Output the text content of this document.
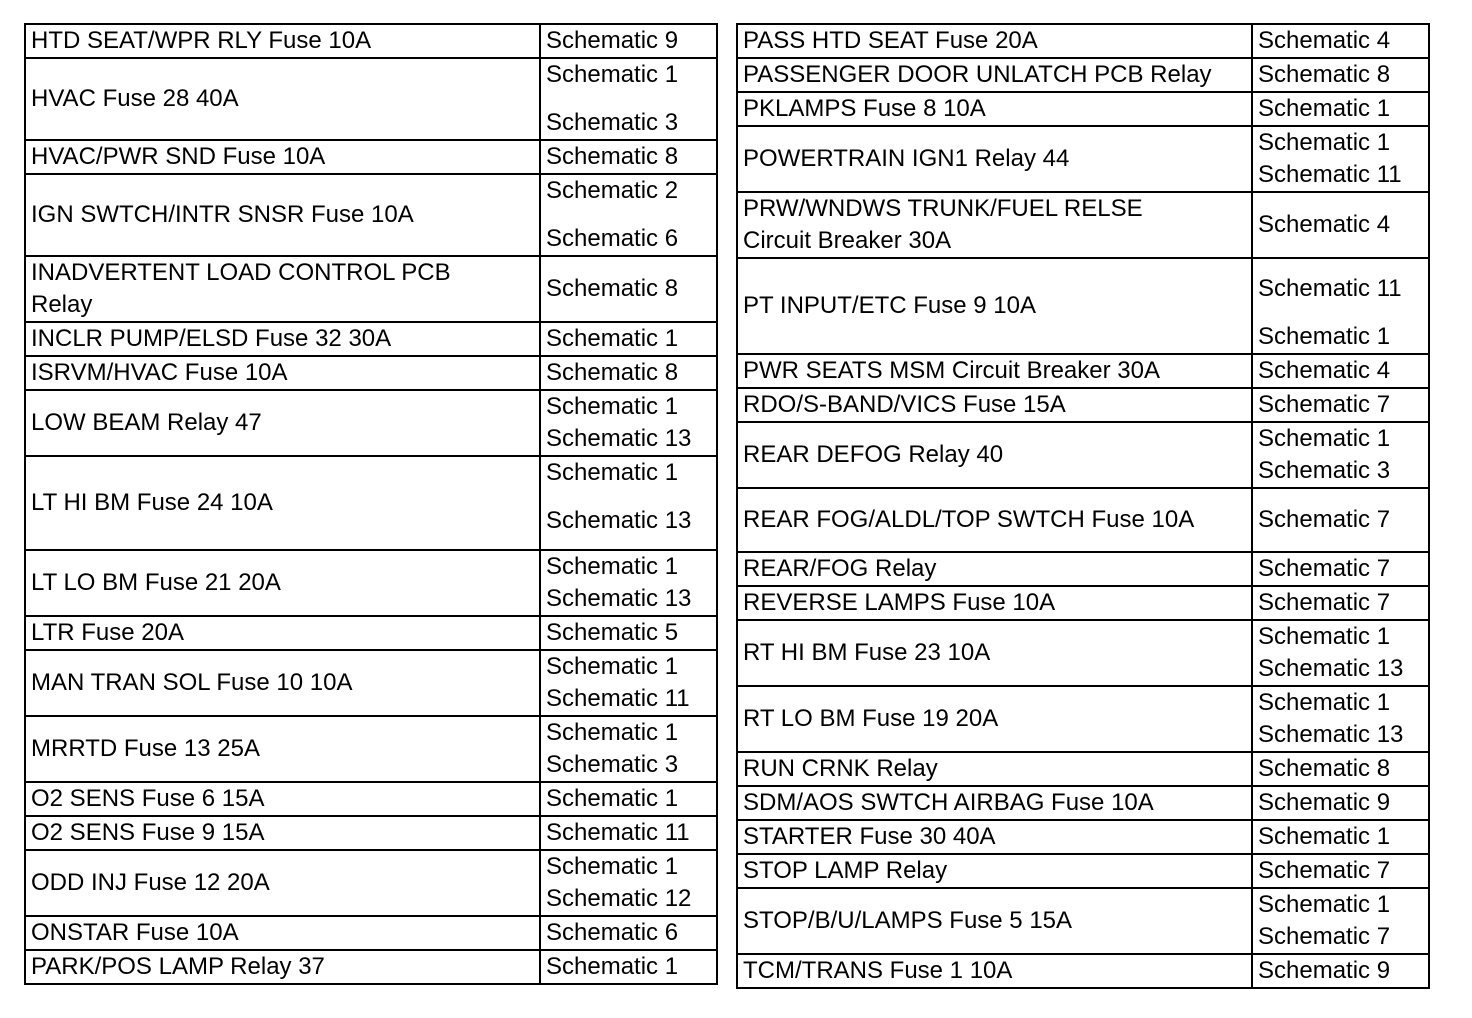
HTD SEAT/WPR RLY Fuse 10A	Schematic 9

HVAC Fuse 28 40A	Schematic 1
Schematic 3

HVAC/PWR SND Fuse 10A	Schematic 8

IGN SWTCH/INTR SNSR Fuse 10A	Schematic 2
Schematic 6

INADVERTENT LOAD CONTROL PCB Relay	Schematic 8

INCLR PUMP/ELSD Fuse 32 30A	Schematic 1

ISRVM/HVAC Fuse 10A	Schematic 8

LOW BEAM Relay 47	Schematic 1
Schematic 13

LT HI BM Fuse 24 10A	Schematic 1
Schematic 13

LT LO BM Fuse 21 20A	Schematic 1
Schematic 13

LTR Fuse 20A	Schematic 5

MAN TRAN SOL Fuse 10 10A	Schematic 1
Schematic 11

MRRTD Fuse 13 25A	Schematic 1
Schematic 3

O2 SENS Fuse 6 15A	Schematic 1

O2 SENS Fuse 9 15A	Schematic 11

ODD INJ Fuse 12 20A	Schematic 1
Schematic 12

ONSTAR Fuse 10A	Schematic 6

PARK/POS LAMP Relay 37	Schematic 1
PASS HTD SEAT Fuse 20A	Schematic 4

PASSENGER DOOR UNLATCH PCB Relay	Schematic 8

PKLAMPS Fuse 8 10A	Schematic 1

POWERTRAIN IGN1 Relay 44	Schematic 1
Schematic 11

PRW/WNDWS TRUNK/FUEL RELSE Circuit Breaker 30A	Schematic 4

PT INPUT/ETC Fuse 9 10A	Schematic 11
Schematic 1

PWR SEATS MSM Circuit Breaker 30A	Schematic 4

RDO/S-BAND/VICS Fuse 15A	Schematic 7

REAR DEFOG Relay 40	Schematic 1
Schematic 3

REAR FOG/ALDL/TOP SWTCH Fuse 10A	Schematic 7

REAR/FOG Relay	Schematic 7

REVERSE LAMPS Fuse 10A	Schematic 7

RT HI BM Fuse 23 10A	Schematic 1
Schematic 13

RT LO BM Fuse 19 20A	Schematic 1
Schematic 13

RUN CRNK Relay	Schematic 8

SDM/AOS SWTCH AIRBAG Fuse 10A	Schematic 9

STARTER Fuse 30 40A	Schematic 1

STOP LAMP Relay	Schematic 7

STOP/B/U/LAMPS Fuse 5 15A	Schematic 1
Schematic 7

TCM/TRANS Fuse 1 10A	Schematic 9
